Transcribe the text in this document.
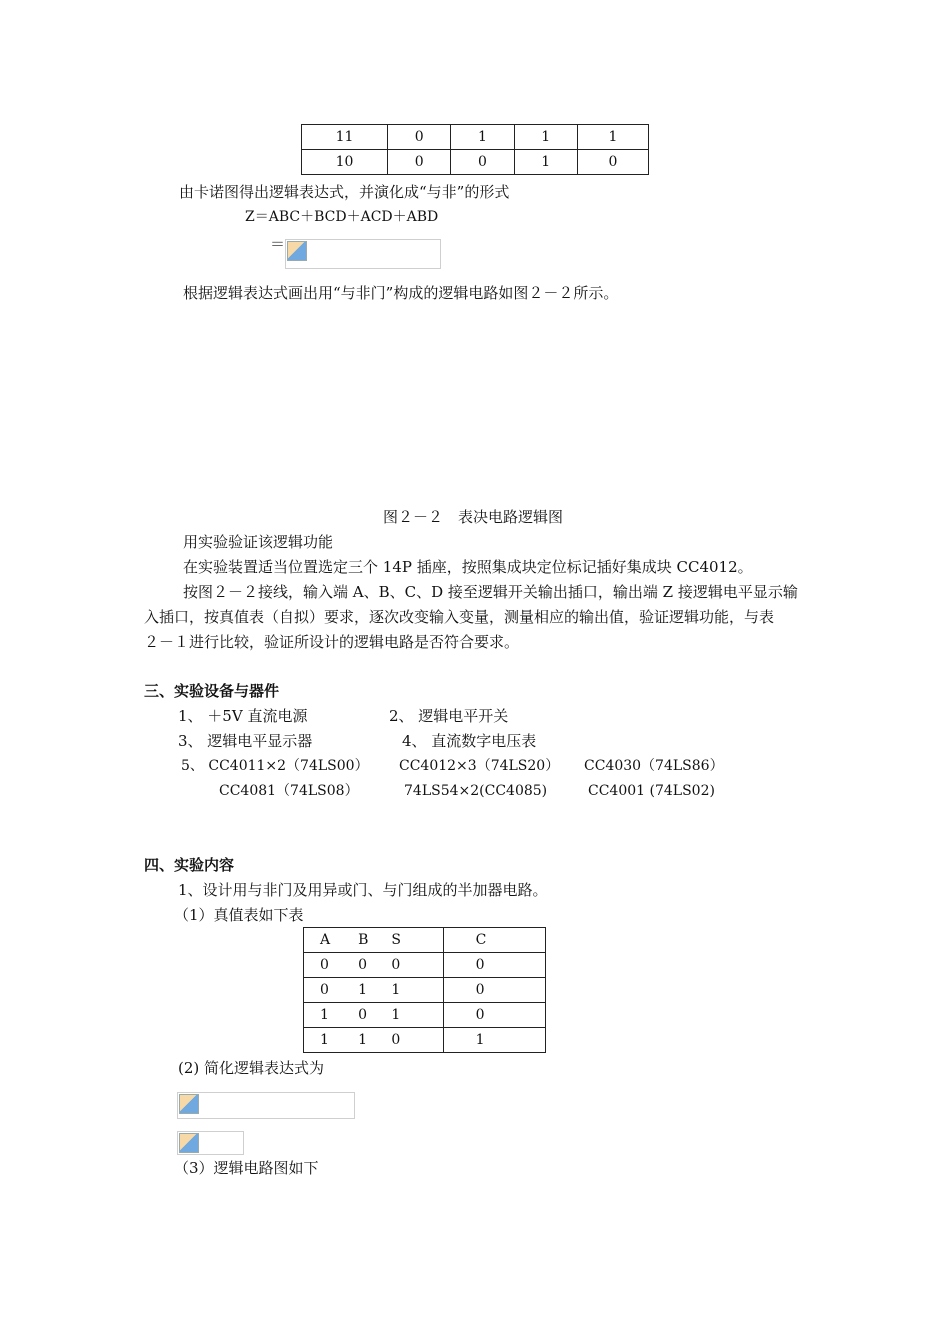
11	0	1	1	1
10	0	0	1	0
由卡诺图得出逻辑表达式，并演化成“与非”的形式
Z＝ABC＋BCD＋ACD＋ABD
＝
根据逻辑表达式画出用“与非门”构成的逻辑电路如图２－２所示。
图２－２　表决电路逻辑图
用实验验证该逻辑功能
在实验装置适当位置选定三个 14P 插座，按照集成块定位标记插好集成块 CC4012。
按图２－２接线，输入端 A、B、C、D 接至逻辑开关输出插口，输出端 Z 接逻辑电平显示输
入插口，按真值表（自拟）要求，逐次改变输入变量，测量相应的输出值，验证逻辑功能，与表
２－１进行比较，验证所设计的逻辑电路是否符合要求。
三、实验设备与器件
1、 ＋5V 直流电源	2、 逻辑电平开关
3、 逻辑电平显示器	4、 直流数字电压表
5、 CC4011×2（74LS00） CC4012×3（74LS20） CC4030（74LS86）
CC4081（74LS08）	74LS54×2(CC4085)	CC4001 (74LS02)
四、实验内容
1、设计用与非门及用异或门、与门组成的半加器电路。
（1）真值表如下表
A	B	S	C
0	0	0	0
0	1	1	0
1	0	1	0
1	1	0	1
(2) 简化逻辑表达式为
（3）逻辑电路图如下
